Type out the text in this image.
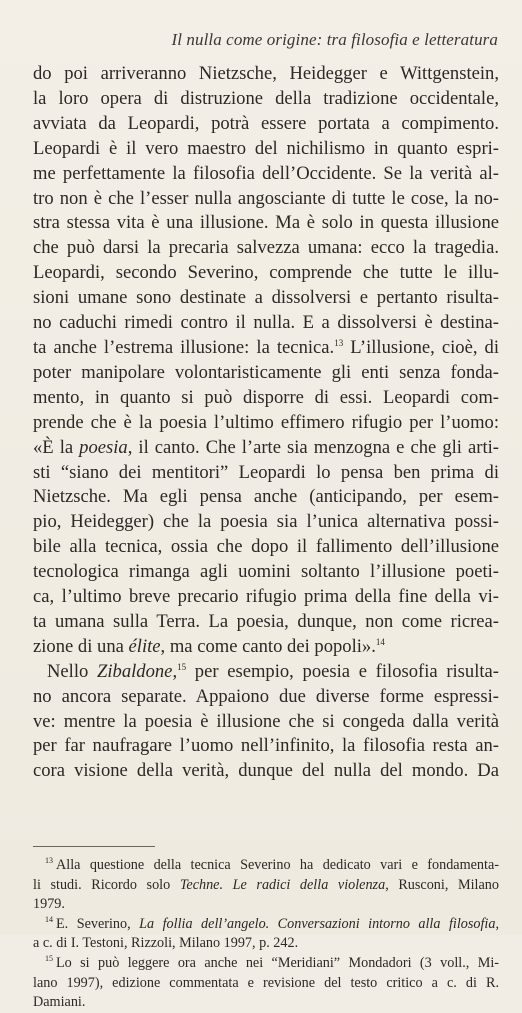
Il nulla come origine: tra filosofia e letteratura
do poi arriveranno Nietzsche, Heidegger e Wittgenstein,
la loro opera di distruzione della tradizione occidentale,
avviata da Leopardi, potrà essere portata a compimento.
Leopardi è il vero maestro del nichilismo in quanto espri-
me perfettamente la filosofia dell’Occidente. Se la verità al-
tro non è che l’esser nulla angosciante di tutte le cose, la no-
stra stessa vita è una illusione. Ma è solo in questa illusione
che può darsi la precaria salvezza umana: ecco la tragedia.
Leopardi, secondo Severino, comprende che tutte le illu-
sioni umane sono destinate a dissolversi e pertanto risulta-
no caduchi rimedi contro il nulla. E a dissolversi è destina-
ta anche l’estrema illusione: la tecnica.$^{13}$ L’illusione, cioè, di
poter manipolare volontaristicamente gli enti senza fonda-
mento, in quanto si può disporre di essi. Leopardi com-
prende che è la poesia l’ultimo effimero rifugio per l’uomo:
«È la poesia, il canto. Che l’arte sia menzogna e che gli arti-
sti “siano dei mentitori” Leopardi lo pensa ben prima di
Nietzsche. Ma egli pensa anche (anticipando, per esem-
pio, Heidegger) che la poesia sia l’unica alternativa possi-
bile alla tecnica, ossia che dopo il fallimento dell’illusione
tecnologica rimanga agli uomini soltanto l’illusione poeti-
ca, l’ultimo breve precario rifugio prima della fine della vi-
ta umana sulla Terra. La poesia, dunque, non come ricrea-
zione di una élite, ma come canto dei popoli».$^{14}$
Nello Zibaldone,$^{15}$ per esempio, poesia e filosofia risulta-
no ancora separate. Appaiono due diverse forme espressi-
ve: mentre la poesia è illusione che si congeda dalla verità
per far naufragare l’uomo nell’infinito, la filosofia resta an-
cora visione della verità, dunque del nulla del mondo. Da
$^{13}$ Alla questione della tecnica Severino ha dedicato vari e fondamenta-
li studi. Ricordo solo Techne. Le radici della violenza, Rusconi, Milano
1979.
$^{14}$ E. Severino, La follia dell’angelo. Conversazioni intorno alla filosofia,
a c. di I. Testoni, Rizzoli, Milano 1997, p. 242.
$^{15}$ Lo si può leggere ora anche nei “Meridiani” Mondadori (3 voll., Mi-
lano 1997), edizione commentata e revisione del testo critico a c. di R.
Damiani.
